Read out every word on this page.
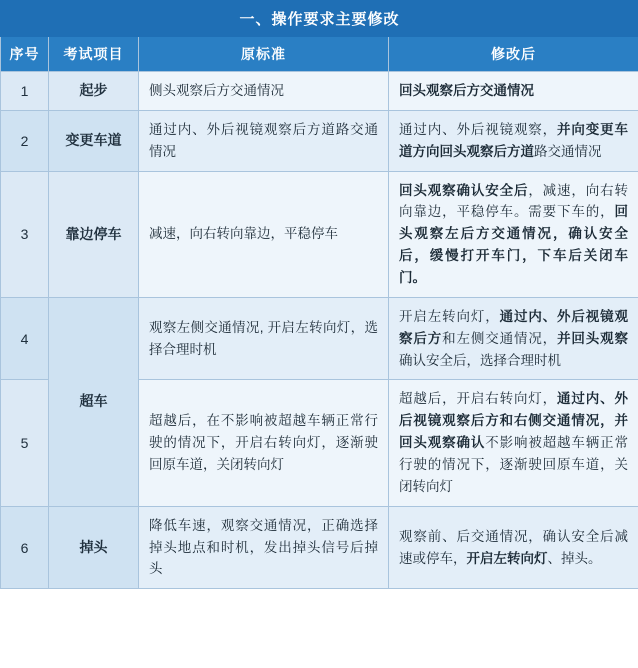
一、操作要求主要修改			
序号	考试项目	原标准	修改后
1	起步	侧头观察后方交通情况	回头观察后方交通情况
2	变更车道	通过内、外后视镜观察后方道路交通情况	通过内、外后视镜观察，并向变更车道方向回头观察后方道路交通情况
3	靠边停车	减速，向右转向靠边，平稳停车	回头观察确认安全后，减速，向右转向靠边，平稳停车。需要下车的，回头观察左后方交通情况，确认安全后，缓慢打开车门，下车后关闭车门。
4	超车	观察左侧交通情况, 开启左转向灯，选择合理时机	开启左转向灯，通过内、外后视镜观察后方和左侧交通情况，并回头观察确认安全后，选择合理时机
5		超越后，在不影响被超越车辆正常行驶的情况下，开启右转向灯，逐渐驶回原车道，关闭转向灯	超越后，开启右转向灯，通过内、外后视镜观察后方和右侧交通情况，并回头观察确认不影响被超越车辆正常行驶的情况下，逐渐驶回原车道，关闭转向灯
6	掉头	降低车速，观察交通情况，正确选择掉头地点和时机，发出掉头信号后掉头	观察前、后交通情况，确认安全后减速或停车，开启左转向灯、掉头。
